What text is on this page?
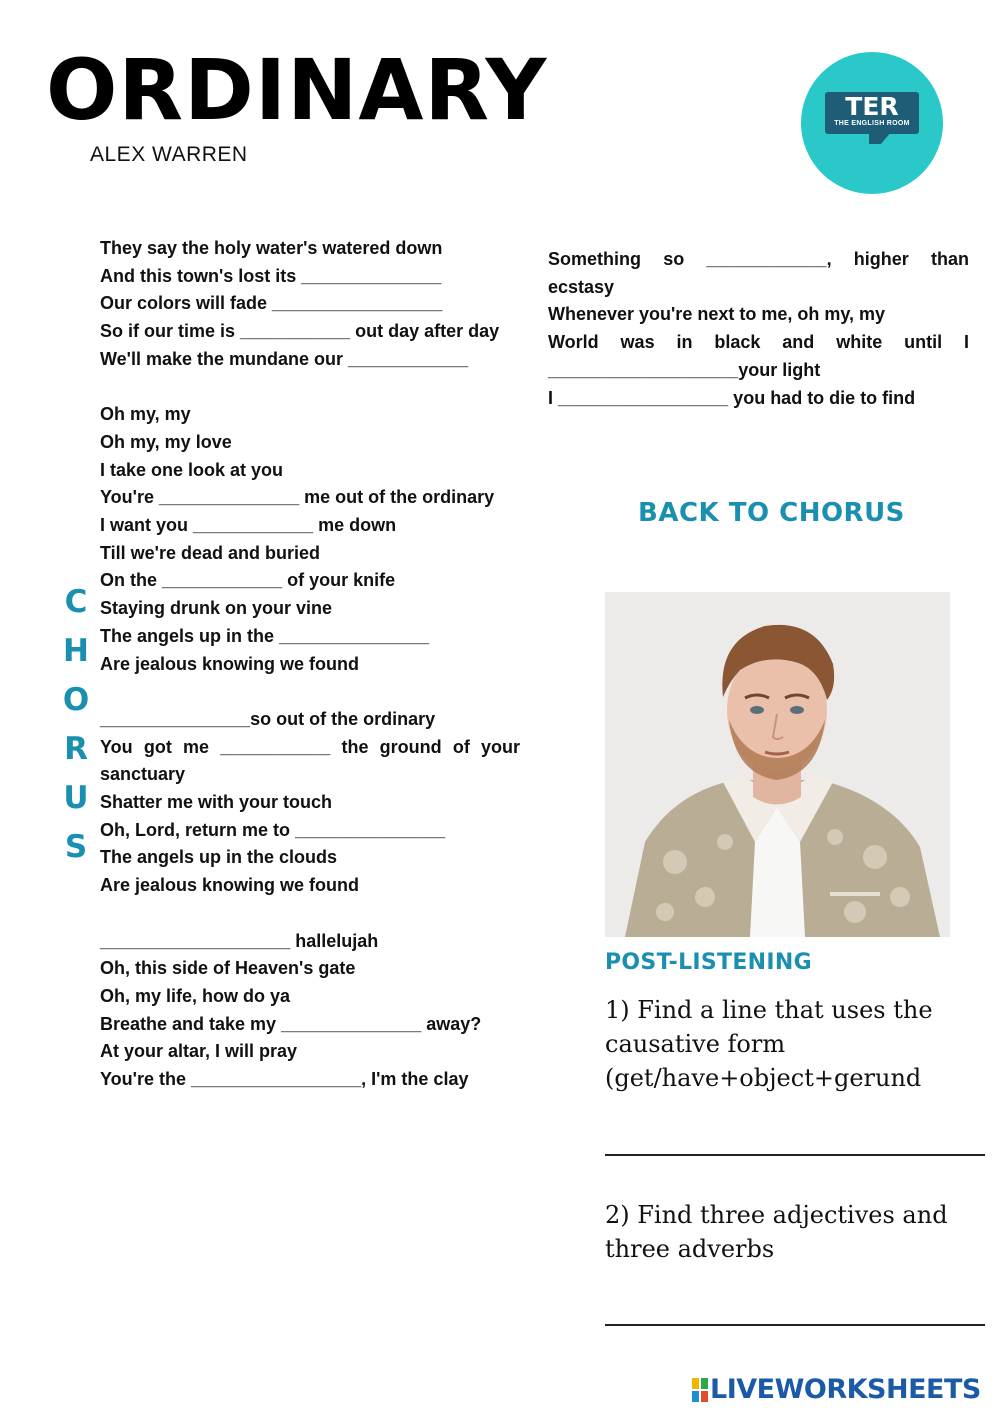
ORDINARY
ALEX WARREN
TER
THE ENGLISH ROOM

They say the holy water's watered down

And this town's lost its ______________

Our colors will fade _________________

So if our time is ___________ out day after day

We'll make the mundane our ____________

Oh my, my

Oh my, my love

I take one look at you

You're ______________ me out of the ordinary

I want you ____________ me down

Till we're dead and buried

On the ____________ of your knife

Staying drunk on your vine

The angels up in the _______________

Are jealous knowing we found

_______________so out of the ordinary

You got me ___________ the ground of your sanctuary

Shatter me with your touch

Oh, Lord, return me to _______________

The angels up in the clouds

Are jealous knowing we found

___________________ hallelujah

Oh, this side of Heaven's gate

Oh, my life, how do ya

Breathe and take my ______________ away?

At your altar, I will pray

You're the _________________, I'm the clay

Something so ____________, higher than ecstasy

Whenever you're next to me, oh my, my

World was in black and white until I ___________________your light

I _________________ you had to die to find

C
H
O
R
U
S
BACK TO CHORUS
POST-LISTENING
1) Find a line that uses the causative form (get/have+object+gerund
2) Find three adjectives and three adverbs
LIVEWORKSHEETS
